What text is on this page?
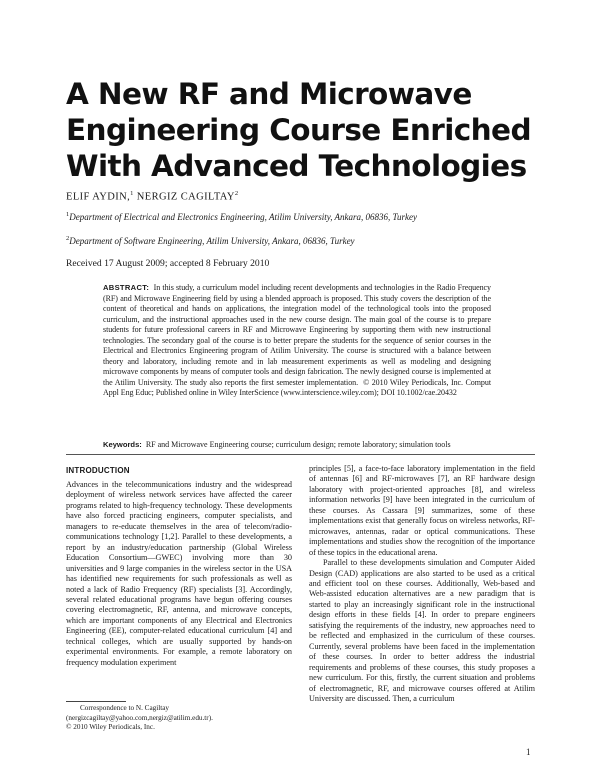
A New RF and Microwave
Engineering Course Enriched
With Advanced Technologies
ELIF AYDIN,$^1$ NERGIZ CAGILTAY$^2$
$^1$Department of Electrical and Electronics Engineering, Atilim University, Ankara, 06836, Turkey
$^2$Department of Software Engineering, Atilim University, Ankara, 06836, Turkey
Received 17 August 2009; accepted 8 February 2010

ABSTRACT: In this study, a curriculum model including recent developments and technologies in the Radio Frequency (RF) and Microwave Engineering field by using a blended approach is proposed. This study covers the description of the content of theoretical and hands on applications, the integration model of the technological tools into the proposed curriculum, and the instructional approaches used in the new course design. The main goal of the course is to prepare students for future professional careers in RF and Microwave Engineering by supporting them with new instructional technologies. The secondary goal of the course is to better prepare the students for the sequence of senior courses in the Electrical and Electronics Engineering program of Atilim University. The course is structured with a balance between theory and laboratory, including remote and in lab measurement experiments as well as modeling and designing microwave components by means of computer tools and design fabrication. The newly designed course is implemented at the Atilim University. The study also reports the first semester implementation. © 2010 Wiley Periodicals, Inc. Comput Appl Eng Educ; Published online in Wiley InterScience (www.interscience.wiley.com); DOI 10.1002/cae.20432

Keywords: RF and Microwave Engineering course; curriculum design; remote laboratory; simulation tools
INTRODUCTION

Advances in the telecommunications industry and the widespread deployment of wireless network services have affected the career programs related to high-frequency technology. These developments have also forced practicing engineers, computer specialists, and managers to re-educate themselves in the area of telecom/radio-communications technology [1,2]. Parallel to these developments, a report by an industry/education partnership (Global Wireless Education Consortium—GWEC) involving more than 30 universities and 9 large companies in the wireless sector in the USA has identified new requirements for such professionals as well as noted a lack of Radio Frequency (RF) specialists [3]. Accordingly, several related educational programs have begun offering courses covering electromagnetic, RF, antenna, and microwave concepts, which are important components of any Electrical and Electronics Engineering (EE), computer-related educational curriculum [4] and technical colleges, which are usually supported by hands-on experimental environments. For example, a remote laboratory on frequency modulation experiment

principles [5], a face-to-face laboratory implementation in the field of antennas [6] and RF-microwaves [7], an RF hardware design laboratory with project-oriented approaches [8], and wireless information networks [9] have been integrated in the curriculum of these courses. As Cassara [9] summarizes, some of these implementations exist that generally focus on wireless networks, RF-microwaves, antennas, radar or optical communications. These implementations and studies show the recognition of the importance of these topics in the educational arena.

Parallel to these developments simulation and Computer Aided Design (CAD) applications are also started to be used as a critical and efficient tool on these courses. Additionally, Web-based and Web-assisted education alternatives are a new paradigm that is started to play an increasingly significant role in the instructional design efforts in these fields [4]. In order to prepare engineers satisfying the requirements of the industry, new approaches need to be reflected and emphasized in the curriculum of these courses. Currently, several problems have been faced in the implementation of these courses. In order to better address the industrial requirements and problems of these courses, this study proposes a new curriculum. For this, firstly, the current situation and problems of electromagnetic, RF, and microwave courses offered at Atilim University are discussed. Then, a curriculum

Correspondence to N. Cagiltay
(nergizcagiltay@yahoo.com,nergiz@atilim.edu.tr).
© 2010 Wiley Periodicals, Inc.
1
